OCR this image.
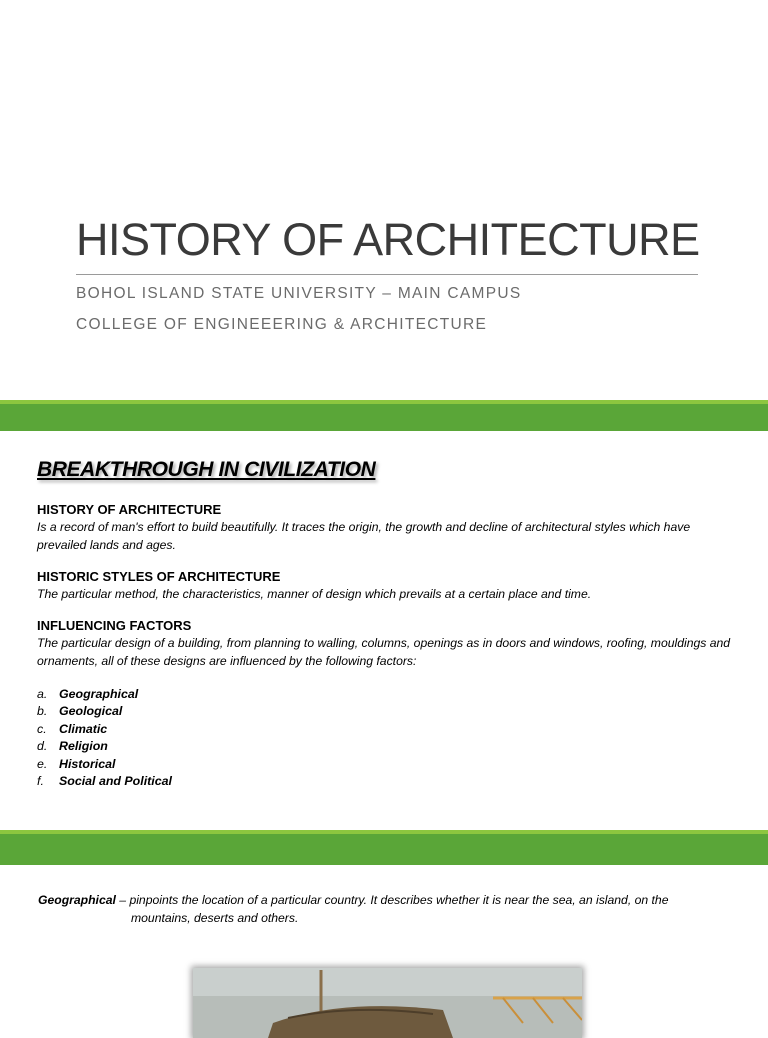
HISTORY OF ARCHITECTURE
BOHOL ISLAND STATE UNIVERSITY – MAIN CAMPUS
COLLEGE OF ENGINEEERING & ARCHITECTURE
BREAKTHROUGH IN CIVILIZATION
HISTORY OF ARCHITECTURE
Is a record of man's effort to build beautifully. It traces the origin, the growth and decline of architectural styles which have prevailed lands and ages.
HISTORIC STYLES OF ARCHITECTURE
The particular method, the characteristics, manner of design which prevails at a certain place and time.
INFLUENCING FACTORS
The particular design of a building, from planning to walling, columns, openings as in doors and windows, roofing, mouldings and ornaments, all of these designs are influenced by the following factors:
a. Geographical
b. Geological
c. Climatic
d. Religion
e. Historical
f. Social and Political
Geographical – pinpoints the location of a particular country. It describes whether it is near the sea, an island, on the
mountains, deserts and others.
